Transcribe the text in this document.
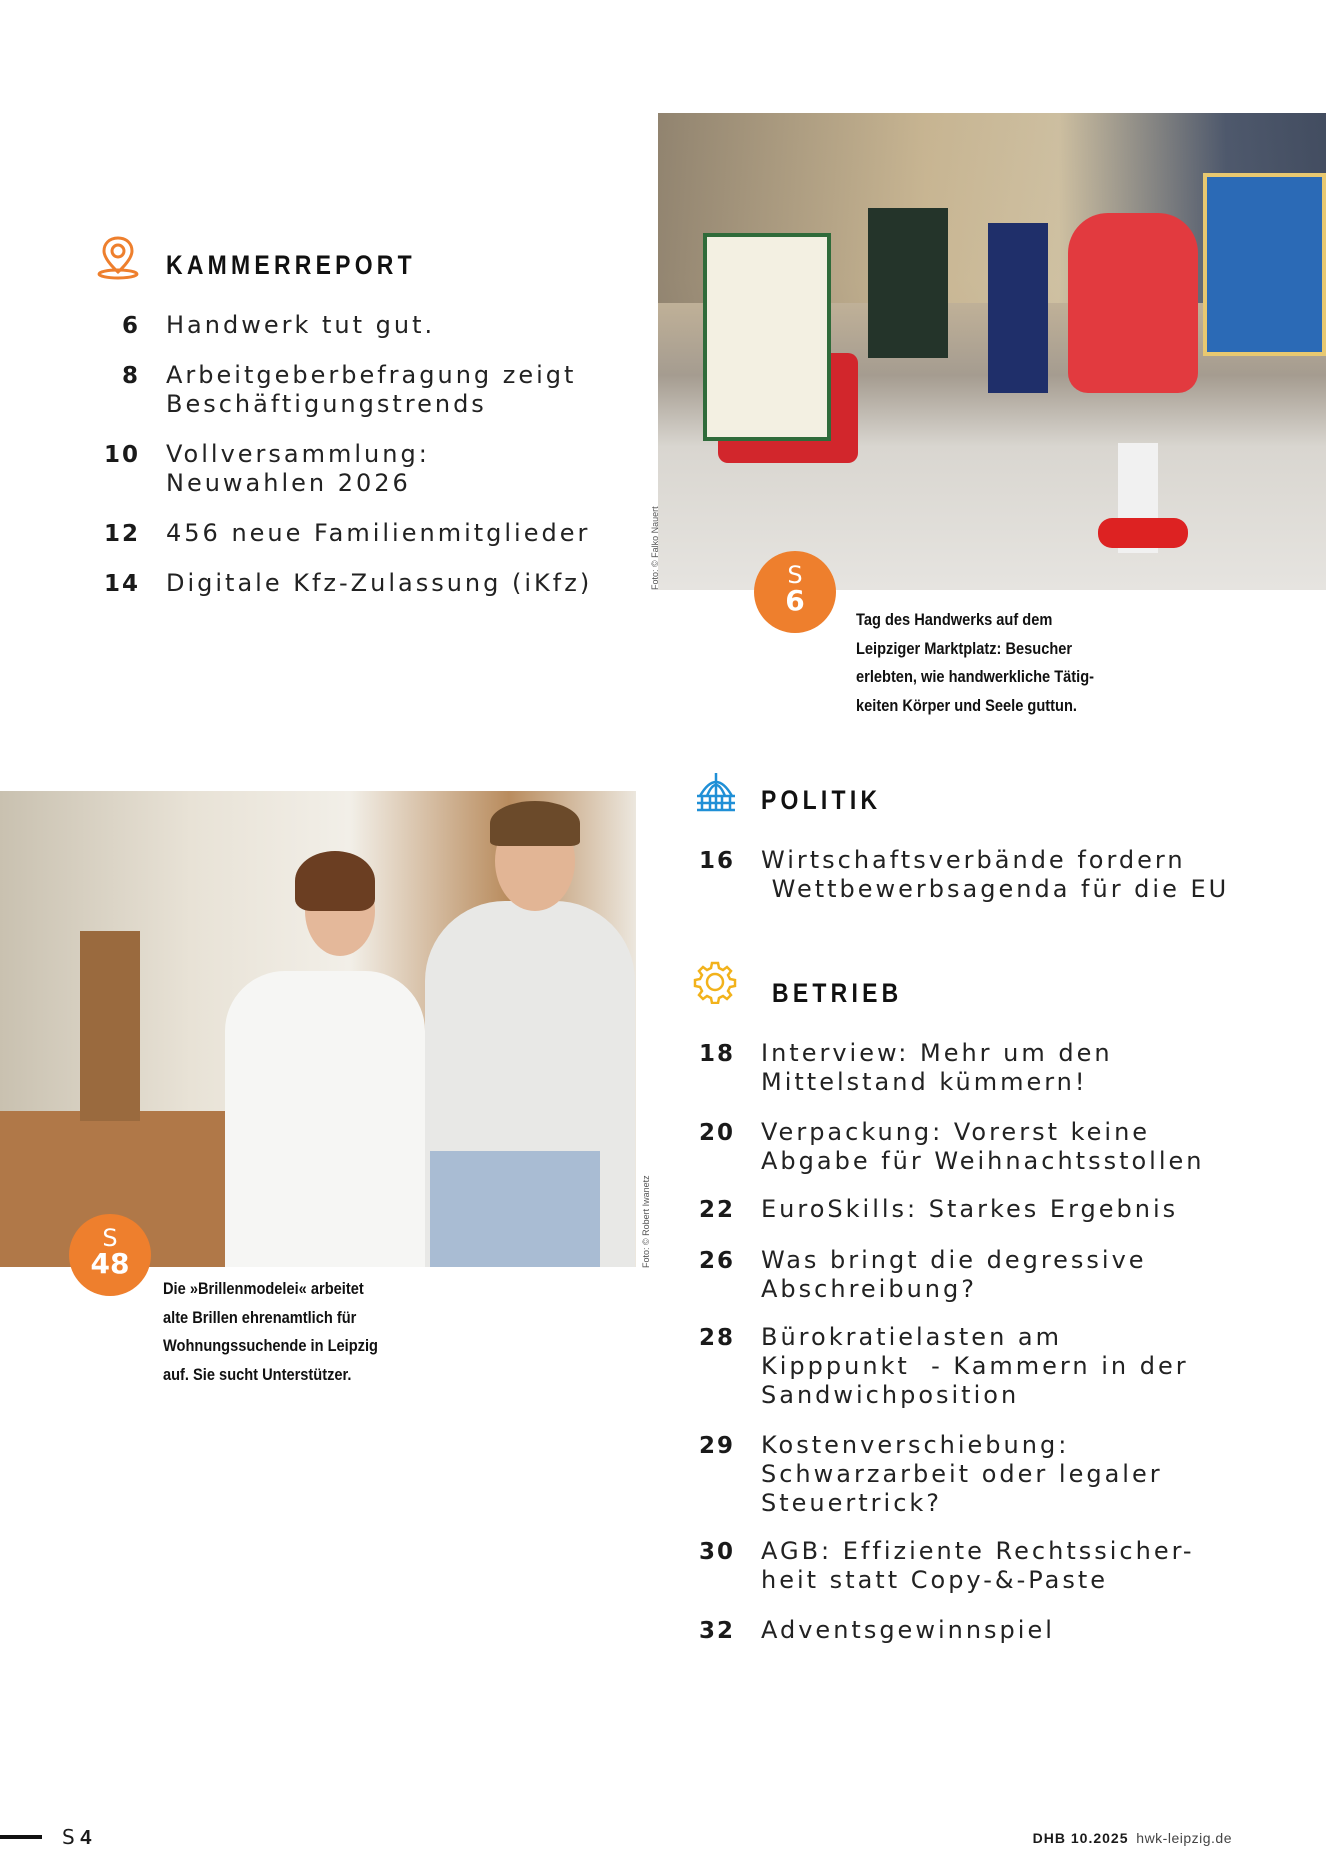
KAMMERREPORT
6 Handwerk tut gut.
8 Arbeitgeberbefragung zeigt
Beschäftigungstrends
10 Vollversammlung:
Neuwahlen 2026
12 456 neue Familienmitglieder
14 Digitale Kfz-Zulassung (iKfz)	Foto: © Falko Nauert	S
6
Tag des Handwerks auf dem
Leipziger Marktplatz: Besucher
erlebten, wie handwerkliche Tätig-
keiten Körper und Seele guttun.
Foto: © Robert Iwanetz
S
48
Die »Brillenmodelei« arbeitet
alte Brillen ehrenamtlich für
Wohnungssuchende in Leipzig
auf. Sie sucht Unterstützer.
POLITIK
16 Wirtschaftsverbände fordern
Wettbewerbsagenda für die EU
BETRIEB
18 Interview: Mehr um den
Mittelstand kümmern!
20 Verpackung: Vorerst keine
Abgabe für Weihnachtsstollen
22 EuroSkills: Starkes Ergebnis
26 Was bringt die degressive
Abschreibung?
28 Bürokratielasten am
Kipppunkt  - Kammern in der
Sandwichposition
29 Kostenverschiebung:
Schwarzarbeit oder legaler
Steuertrick?
30 AGB: Effiziente Rechtssicher-
heit statt Copy-&-Paste
32 Adventsgewinnspiel
S 4	DHB 10.2025 hwk-leipzig.de
